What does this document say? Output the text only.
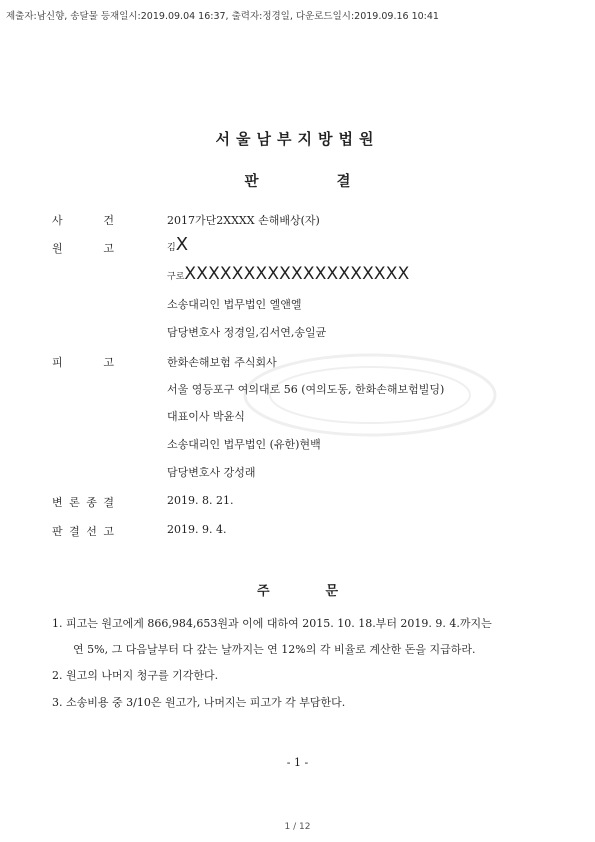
제출자:남신향, 송달물 등재일시:2019.09.04 16:37, 출력자:정경일, 다운로드일시:2019.09.16 10:41
서울남부지방법원
판	결
사	건	2017가단2XXXX 손해배상(자)
원	고	김X
구로XXXXXXXXXXXXXXXXXXX
소송대리인 법무법인 엘앤엘
담당변호사 정경일,김서연,송일균
피	고	한화손해보험 주식회사
서울 영등포구 여의대로 56 (여의도동, 한화손해보험빌딩)
대표이사 박윤식
소송대리인 법무법인 (유한)현백
담당변호사 강성래
변 론 종 결	2019. 8. 21.
판 결 선 고	2019. 9. 4.
주	문
1. 피고는 원고에게 866,984,653원과 이에 대하여 2015. 10. 18.부터 2019. 9. 4.까지는
연 5%, 그 다음날부터 다 갚는 날까지는 연 12%의 각 비율로 계산한 돈을 지급하라.
2. 원고의 나머지 청구를 기각한다.
3. 소송비용 중 3/10은 원고가, 나머지는 피고가 각 부담한다.
- 1 -
1 / 12
